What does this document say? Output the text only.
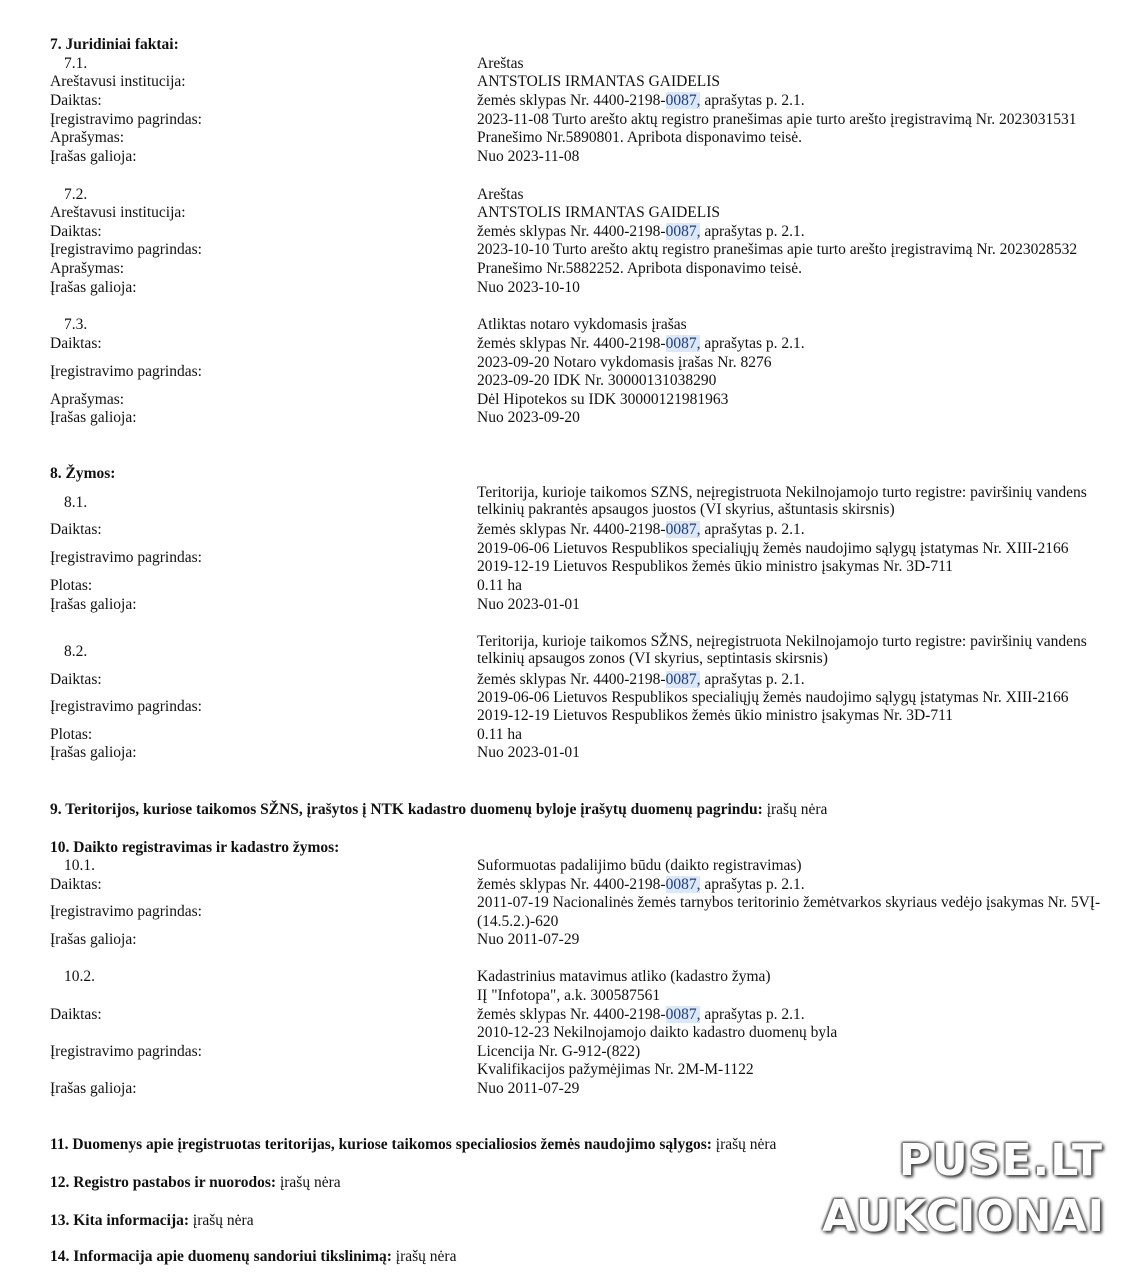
7. Juridiniai faktai:
7.1.	Areštas
Areštavusi institucija:	ANTSTOLIS IRMANTAS GAIDELIS
Daiktas:	žemės sklypas Nr. 4400-2198-0087, aprašytas p. 2.1.
Įregistravimo pagrindas:	2023-11-08 Turto arešto aktų registro pranešimas apie turto arešto įregistravimą Nr. 2023031531
Aprašymas:	Pranešimo Nr.5890801. Apribota disponavimo teisė.
Įrašas galioja:	Nuo 2023-11-08
7.2.	Areštas
Areštavusi institucija:	ANTSTOLIS IRMANTAS GAIDELIS
Daiktas:	žemės sklypas Nr. 4400-2198-0087, aprašytas p. 2.1.
Įregistravimo pagrindas:	2023-10-10 Turto arešto aktų registro pranešimas apie turto arešto įregistravimą Nr. 2023028532
Aprašymas:	Pranešimo Nr.5882252. Apribota disponavimo teisė.
Įrašas galioja:	Nuo 2023-10-10
7.3.	Atliktas notaro vykdomasis įrašas
Daiktas:	žemės sklypas Nr. 4400-2198-0087, aprašytas p. 2.1.
Įregistravimo pagrindas:
2023-09-20 Notaro vykdomasis įrašas Nr. 8276
2023-09-20 IDK Nr. 30000131038290
Aprašymas:	Dėl Hipotekos su IDK 30000121981963
Įrašas galioja:	Nuo 2023-09-20
8. Žymos:
8.1.
Teritorija, kurioje taikomos SZNS, neįregistruota Nekilnojamojo turto registre: paviršinių vandens telkinių pakrantės apsaugos juostos (VI skyrius, aštuntasis skirsnis)
Daiktas:	žemės sklypas Nr. 4400-2198-0087, aprašytas p. 2.1.
Įregistravimo pagrindas:
2019-06-06 Lietuvos Respublikos specialiųjų žemės naudojimo sąlygų įstatymas Nr. XIII-2166
2019-12-19 Lietuvos Respublikos žemės ūkio ministro įsakymas Nr. 3D-711
Plotas:	0.11 ha
Įrašas galioja:	Nuo 2023-01-01
8.2.
Teritorija, kurioje taikomos SŽNS, neįregistruota Nekilnojamojo turto registre: paviršinių vandens telkinių apsaugos zonos (VI skyrius, septintasis skirsnis)
Daiktas:	žemės sklypas Nr. 4400-2198-0087, aprašytas p. 2.1.
Įregistravimo pagrindas:
2019-06-06 Lietuvos Respublikos specialiųjų žemės naudojimo sąlygų įstatymas Nr. XIII-2166
2019-12-19 Lietuvos Respublikos žemės ūkio ministro įsakymas Nr. 3D-711
Plotas:	0.11 ha
Įrašas galioja:	Nuo 2023-01-01
9. Teritorijos, kuriose taikomos SŽNS, įrašytos į NTK kadastro duomenų byloje įrašytų duomenų pagrindu: įrašų nėra
10. Daikto registravimas ir kadastro žymos:
10.1.	Suformuotas padalijimo būdu (daikto registravimas)
Daiktas:	žemės sklypas Nr. 4400-2198-0087, aprašytas p. 2.1.
Įregistravimo pagrindas:
2011-07-19 Nacionalinės žemės tarnybos teritorinio žemėtvarkos skyriaus vedėjo įsakymas Nr. 5VĮ-(14.5.2.)-620
Įrašas galioja:	Nuo 2011-07-29
10.2.	Kadastrinius matavimus atliko (kadastro žyma)
IĮ "Infotopa", a.k. 300587561
Daiktas:	žemės sklypas Nr. 4400-2198-0087, aprašytas p. 2.1.
Įregistravimo pagrindas:
2010-12-23 Nekilnojamojo daikto kadastro duomenų byla
Licencija Nr. G-912-(822)
Kvalifikacijos pažymėjimas Nr. 2M-M-1122
Įrašas galioja:	Nuo 2011-07-29
11. Duomenys apie įregistruotas teritorijas, kuriose taikomos specialiosios žemės naudojimo sąlygos: įrašų nėra
12. Registro pastabos ir nuorodos: įrašų nėra
13. Kita informacija: įrašų nėra
14. Informacija apie duomenų sandoriui tikslinimą: įrašų nėra
PUSE.LT
AUKCIONAI
